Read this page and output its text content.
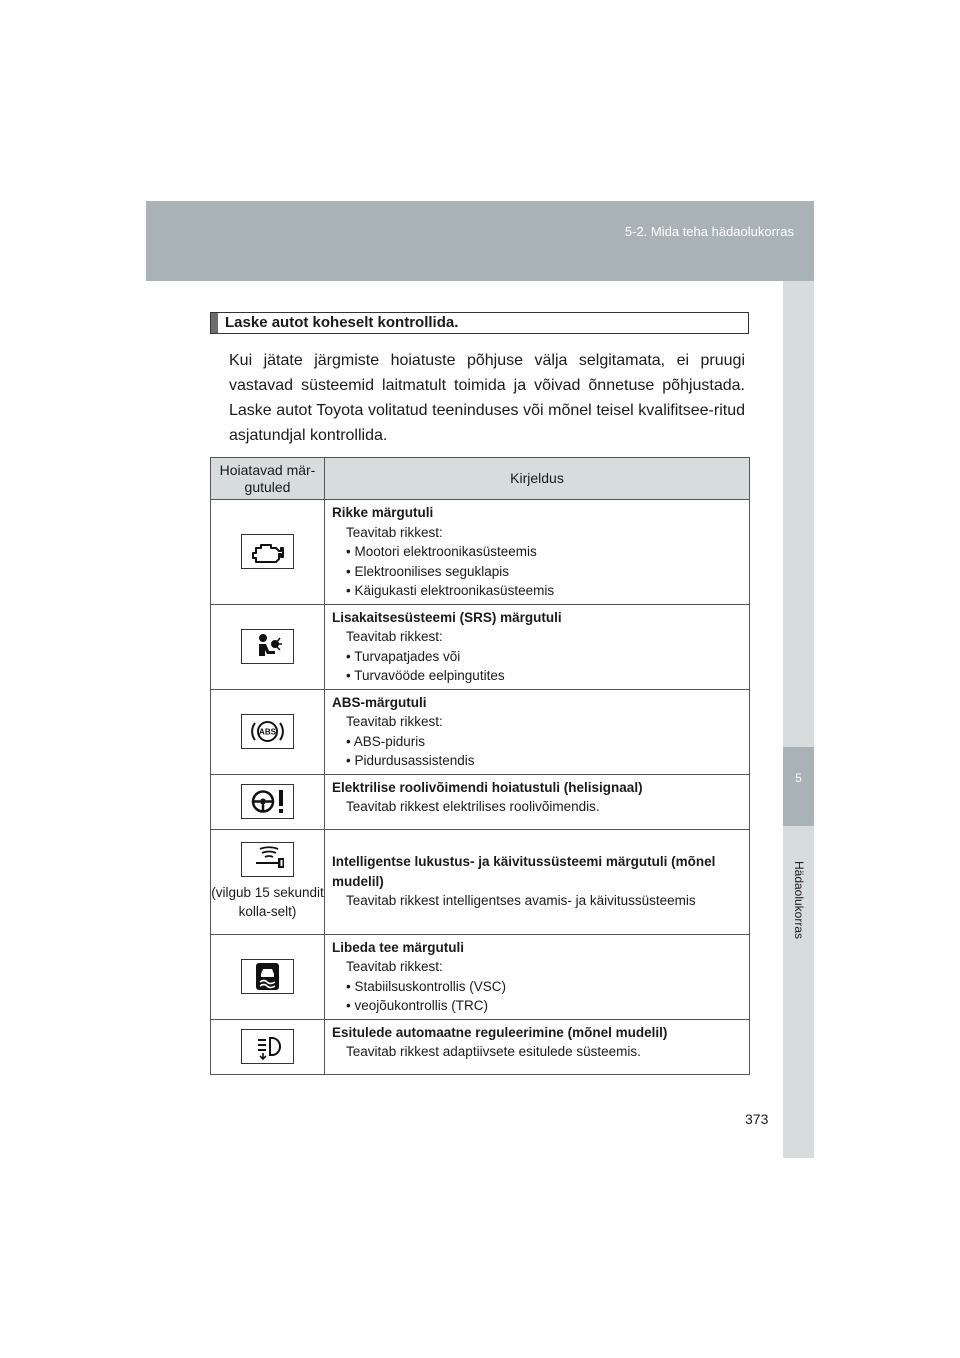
5-2. Mida teha hädaolukorras
5
Hädaolukorras
Laske autot koheselt kontrollida.
Kui jätate järgmiste hoiatuste põhjuse välja selgitamata, ei pruugi vastavad süsteemid laitmatult toimida ja võivad õnnetuse põhjustada. Laske autot Toyota volitatud teeninduses või mõnel teisel kvalifitsee-ritud asjatundjal kontrollida.
Hoiatavad mär-gutuled	Kirjeldus

Rikke märgutuli
Teavitab rikkest:
• Mootori elektroonikasüsteemis
• Elektroonilises seguklapis
• Käigukasti elektroonikasüsteemis

Lisakaitsesüsteemi (SRS) märgutuli
Teavitab rikkest:
• Turvapatjades või
• Turvavööde eelpingutites

ABS	ABS-märgutuli
Teavitab rikkest:
• ABS-piduris
• Pidurdusassistendis

Elektrilise roolivõimendi hoiatustuli (helisignaal)
Teavitab rikkest elektrilises roolivõimendis.

(vilgub 15 sekundit kolla-selt)	Intelligentse lukustus- ja käivitussüsteemi märgutuli (mõnel mudelil)
Teavitab rikkest intelligentses avamis- ja käivitussüsteemis

Libeda tee märgutuli
Teavitab rikkest:
• Stabiilsuskontrollis (VSC)
• veojõukontrollis (TRC)

Esitulede automaatne reguleerimine (mõnel mudelil)
Teavitab rikkest adaptiivsete esitulede süsteemis.
373
